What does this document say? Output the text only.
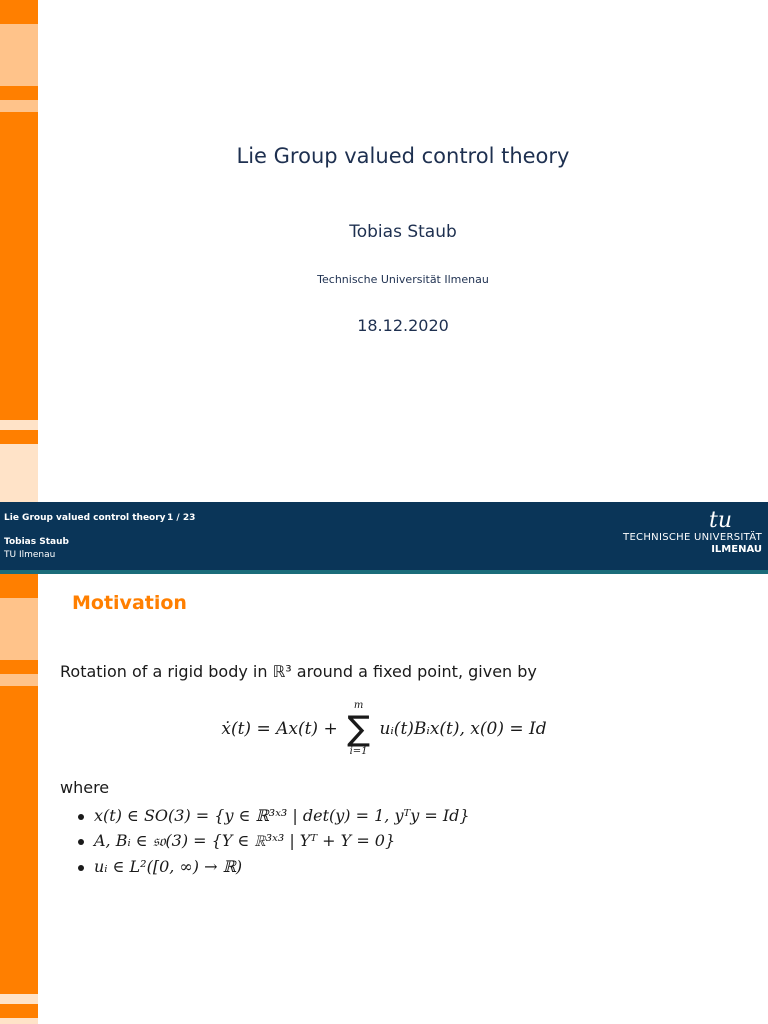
Lie Group valued control theory
Tobias Staub
Technische Universität Ilmenau
18.12.2020
Lie Group valued control theory 1 / 23
Tobias Staub
TU Ilmenau
tu
TECHNISCHE UNIVERSITÄT
ILMENAU
Motivation
Rotation of a rigid body in ℝ³ around a fixed point, given by
ẋ(t) = Ax(t) +
m
∑
i=1
uᵢ(t)Bᵢx(t), x(0) = Id
where
x(t) ∈ SO(3) = {y ∈ ℝ³ˣ³ | det(y) = 1, yᵀy = Id}
A, Bᵢ ∈ 𝔰𝔬(3) = {Y ∈ ℝ³ˣ³ | Yᵀ + Y = 0}
uᵢ ∈ L²([0, ∞) → ℝ)
